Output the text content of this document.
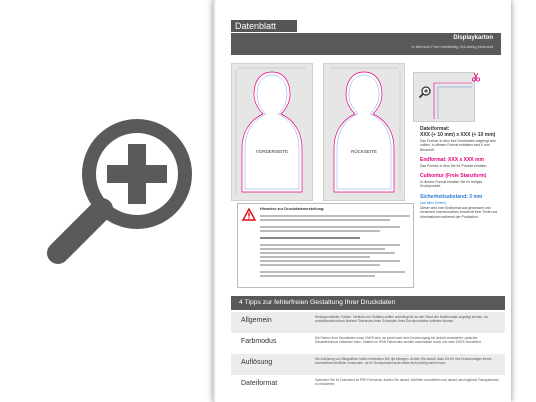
Datenblatt
Displaykarton
in Mensch-Form beidseitig 4/4-farbig bedruckt
VORDERSEITE	RÜCKSEITE
Dateiformat:
XXX (+ 10 mm) x XXX (+ 10 mm)
Das Format, in dem Ihre Druckdaten angelegt sein sollten. In diesem Format enthalten sind 5 mm Beschnitt.
Endformat: XXX x XXX mm
Das Format, in dem Sie Ihr Produkt erhalten.
Cutkontur (Freie Stanzform)
in diesem Format erhalten Sie Ihr fertiges Druckprodukt.
Sicherheitsabstand: 3 mm
(auf allen Seiten)
Dieser wird vom Endformat aus gemessen und verhindert unerwünschten Anschnitt Ihrer Texte und Informationen während der Produktion.
Hinweise zur Druckdatenerstellung:
4 Tipps zur fehlerfreien Gestaltung Ihrer Druckdaten
Allgemein	Hintergrundbilder, Farben, Verläufe und Grafiken sollten unbedingt bis an den Rand des Dateiformats angelegt werden, da produktionstechnisch kleinere Toleranzen beim Schneiden Ihres Druckproduktes auftreten können.
Farbmodus	Die Farben Ihrer Druckdaten muss CMYK sein, da sonst nach dem Druckvorgang ein (leicht) veränderter, optischer Gesamteindruck entstehen kann. Dateien im RGB-Farbmodus werden automatisch durch uns nach CMYK konvertiert.
Auflösung	Die Auflösung von Bildgrafiken sollte mindestens 300 dpi betragen. Achten Sie darauf, dass Sie für Ihre Druckvorlagen immer hochauflösende Bilder verwenden, da Ihr Druckprodukt andernfalls leicht pixelig wirken kann.
Dateiformat	Speichern Sie Ihr Dokument im PDF-Format ab. Achten Sie darauf, Schriften einzubetten und darauf, als möglichst Transparenzen zu reduzieren.
